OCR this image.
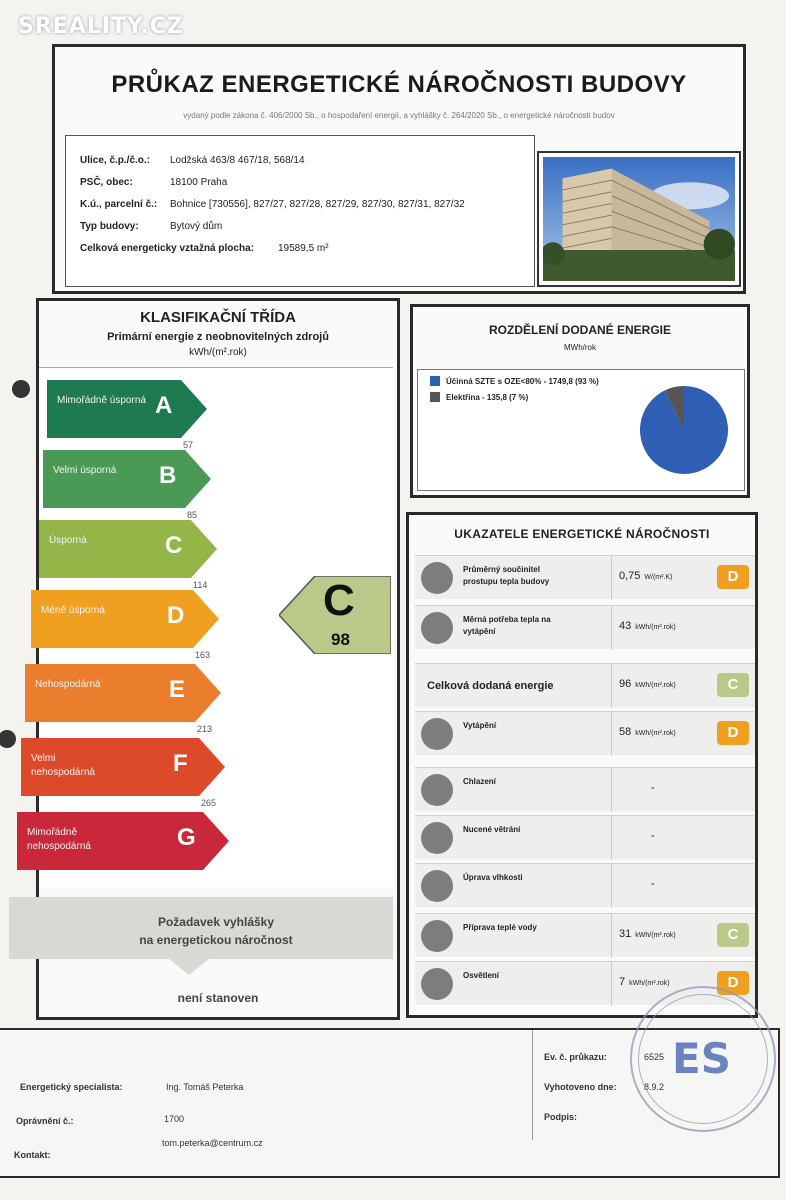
SREALITY.CZ
PRŮKAZ ENERGETICKÉ NÁROČNOSTI BUDOVY
vydaný podle zákona č. 406/2000 Sb., o hospodaření energií, a vyhlášky č. 264/2020 Sb., o energetické náročnosti budov
Ulice, č.p./č.o.:	Lodžská 463/8 467/18, 568/14
PSČ, obec:	18100 Praha
K.ú., parcelní č.:	Bohnice [730556], 827/27, 827/28, 827/29, 827/30, 827/31, 827/32
Typ budovy:	Bytový dům
Celková energeticky vztažná plocha:	19589,5 m²
KLASIFIKAČNÍ TŘÍDA
Primární energie z neobnovitelných zdrojů
kWh/(m².rok)
C
98
Mimořádně úsporná A
Velmi úsporná	B
Úsporná	C
Méně úsporná	D
Nehospodárná	E
Velmi nehospodárná	F
Mimořádně nehospodárná	G
57
85
114
163
213
265
Požadavek vyhlášky
na energetickou náročnost
není stanoven
ROZDĚLENÍ DODANÉ ENERGIE
MWh/rok
Účinná SZTE s OZE<80% - 1749,8 (93 %)
Elektřina - 135,8 (7 %)
UKAZATELE ENERGETICKÉ NÁROČNOSTI
Průměrný součinitel prostupu tepla budovy	0,75 W/(m².K)	D
Měrná potřeba tepla na vytápění	43 kWh/(m².rok)
Celková dodaná energie	96 kWh/(m².rok)	C
Vytápění
58 kWh/(m².rok)	D
Chlazení
-
Nucené větrání
-
Úprava vlhkosti
-
Příprava teplé vody
31 kWh/(m².rok)	C
Osvětlení
7 kWh/(m².rok)	D
Energetický specialista:	Ing. Tomáš Peterka
Oprávnění č.:	1700
Kontakt:
tom.peterka@centrum.cz
Ev. č. průkazu:	6525
Vyhotoveno dne:	8.9.2
Podpis:
ES
